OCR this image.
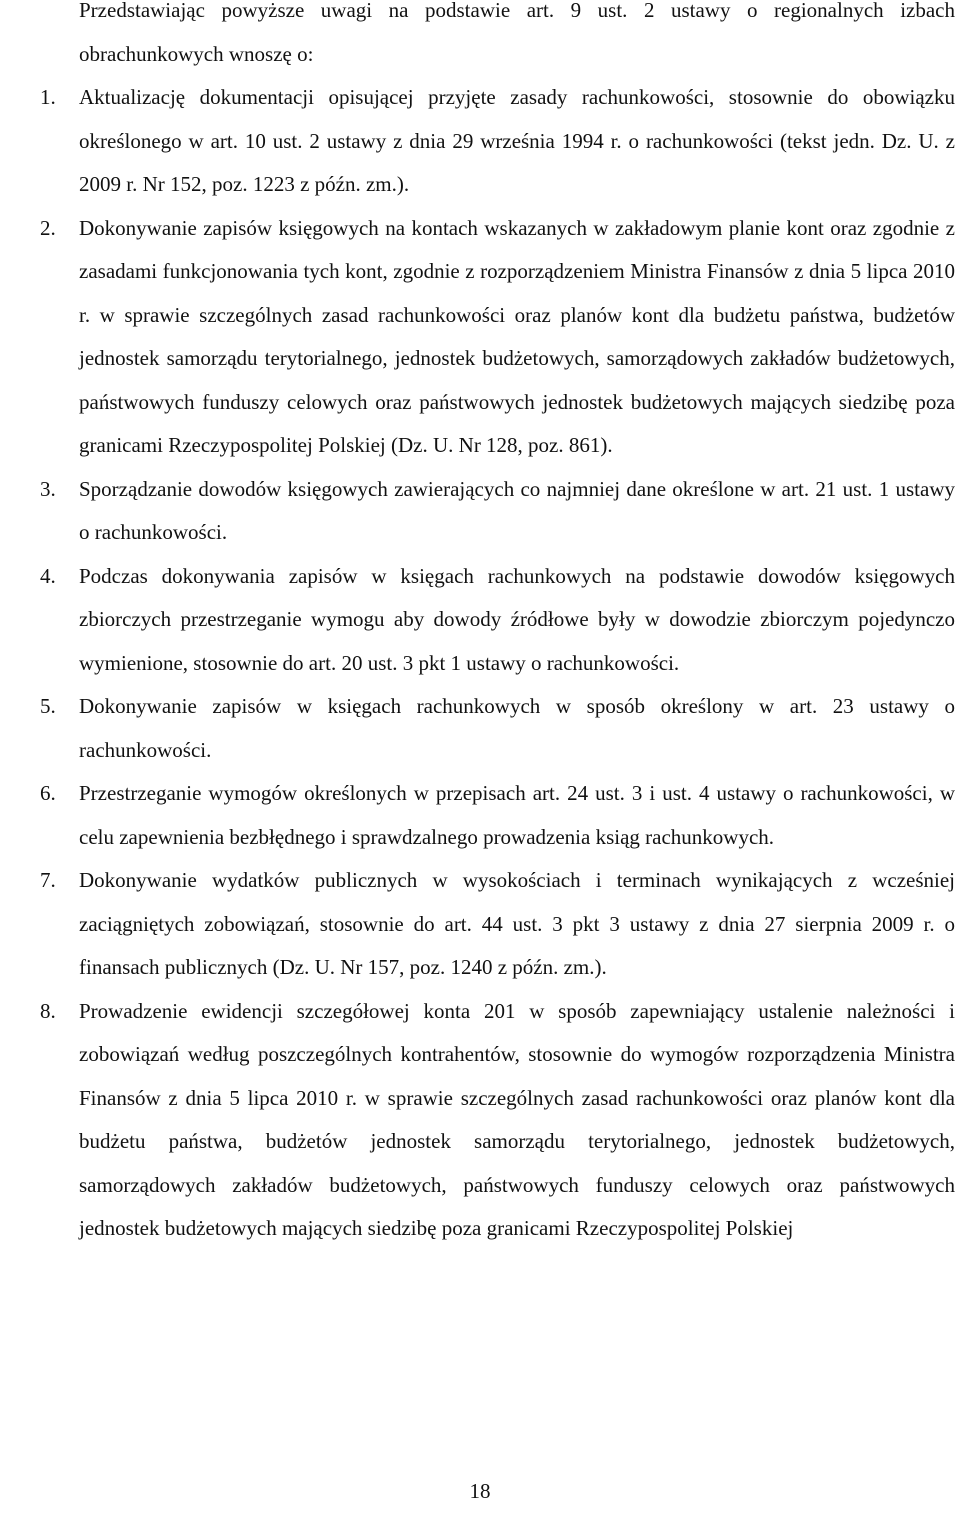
Przedstawiając powyższe uwagi na podstawie art. 9 ust. 2 ustawy o regionalnych izbach obrachunkowych wnoszę o:

1.	Aktualizację dokumentacji opisującej przyjęte zasady rachunkowości, stosownie do obowiązku określonego w art. 10 ust. 2 ustawy z dnia 29 września 1994 r. o rachunkowości (tekst jedn. Dz. U. z 2009 r. Nr 152, poz. 1223 z późn. zm.).
2.	Dokonywanie zapisów księgowych na kontach wskazanych w zakładowym planie kont oraz zgodnie z zasadami funkcjonowania tych kont, zgodnie z rozporządzeniem Ministra Finansów z dnia 5 lipca 2010 r. w sprawie szczególnych zasad rachunkowości oraz planów kont dla budżetu państwa, budżetów jednostek samorządu terytorialnego, jednostek budżetowych, samorządowych zakładów budżetowych, państwowych funduszy celowych oraz państwowych jednostek budżetowych mających siedzibę poza granicami Rzeczypospolitej Polskiej (Dz. U. Nr 128, poz. 861).
3.	Sporządzanie dowodów księgowych zawierających co najmniej dane określone w art. 21 ust. 1 ustawy o rachunkowości.
4.	Podczas dokonywania zapisów w księgach rachunkowych na podstawie dowodów księgowych zbiorczych przestrzeganie wymogu aby dowody źródłowe były w dowodzie zbiorczym pojedynczo wymienione, stosownie do art. 20 ust. 3 pkt 1 ustawy o rachunkowości.
5.	Dokonywanie zapisów w księgach rachunkowych w sposób określony w art. 23 ustawy o rachunkowości.
6.	Przestrzeganie wymogów określonych w przepisach art. 24 ust. 3 i ust. 4 ustawy o rachunkowości, w celu zapewnienia bezbłędnego i sprawdzalnego prowadzenia ksiąg rachunkowych.
7.	Dokonywanie wydatków publicznych w wysokościach i terminach wynikających z wcześniej zaciągniętych zobowiązań, stosownie do art. 44 ust. 3 pkt 3 ustawy z dnia 27 sierpnia 2009 r. o finansach publicznych (Dz. U. Nr 157, poz. 1240 z późn. zm.).
8.	Prowadzenie ewidencji szczegółowej konta 201 w sposób zapewniający ustalenie należności i zobowiązań według poszczególnych kontrahentów, stosownie do wymogów rozporządzenia Ministra Finansów z dnia 5 lipca 2010 r. w sprawie szczególnych zasad rachunkowości oraz planów kont dla budżetu państwa, budżetów jednostek samorządu terytorialnego, jednostek budżetowych, samorządowych zakładów budżetowych, państwowych funduszy celowych oraz państwowych jednostek budżetowych mających siedzibę poza granicami Rzeczypospolitej Polskiej
18
